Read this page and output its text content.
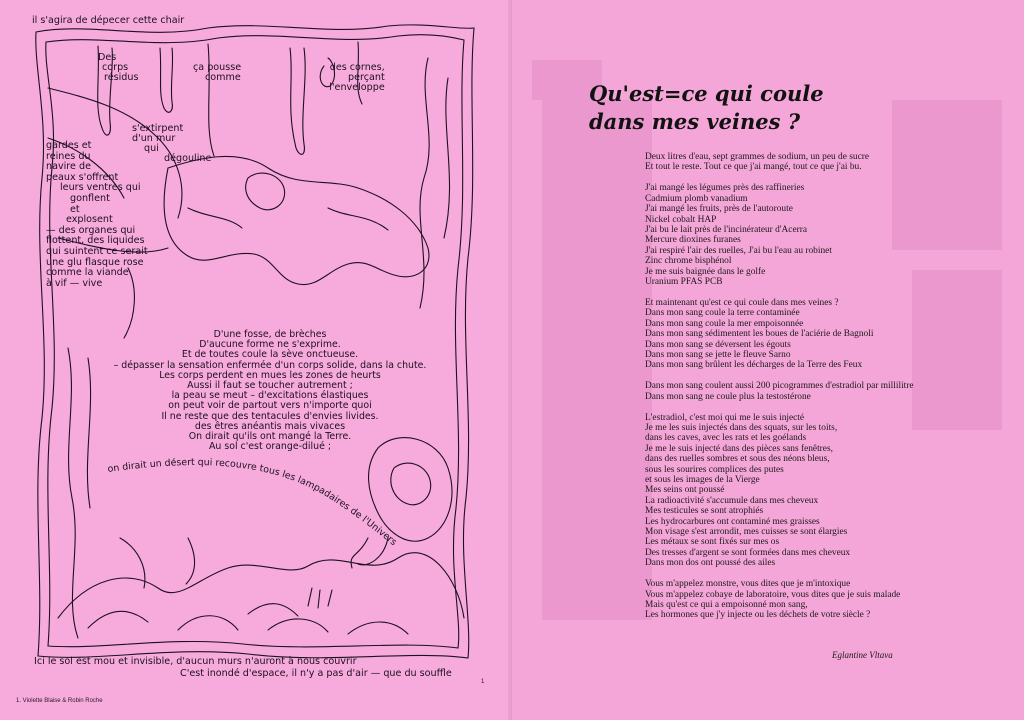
il s'agira de dépecer cette chair
Des
corps
résidus
ça pousse
comme
des cornes,
perçant
l'enveloppe
s'extirpent
d'un mur
qui
dégouline
gardes et
reines du
navire de
peaux s'offrent
leurs ventres qui
gonflent
et
explosent
— des organes qui
flottent, des liquides
qui suintent ce serait
une glu flasque rose
comme la viande
à vif — vive
D'une fosse, de brèches
D'aucune forme ne s'exprime.
Et de toutes coule la sève onctueuse.
– dépasser la sensation enfermée d'un corps solide, dans la chute.
Les corps perdent en mues les zones de heurts
Aussi il faut se toucher autrement ;
la peau se meut – d'excitations élastiques
on peut voir de partout vers n'importe quoi
Il ne reste que des tentacules d'envies livides.
des êtres anéantis mais vivaces
On dirait qu'ils ont mangé la Terre.
Au sol c'est orange-dilué ;
on dirait un désert qui recouvre tous les lampadaires de l'Univers
Ici le sol est mou et invisible, d'aucun murs n'auront à nous couvrir
C'est inondé d'espace, il n'y a pas d'air — que du souffle
1
1. Violette Blaise & Robin Roche
Qu'est=ce qui coule
dans mes veines ?
Deux litres d'eau, sept grammes de sodium, un peu de sucre
Et tout le reste. Tout ce que j'ai mangé, tout ce que j'ai bu.
J'ai mangé les légumes près des raffineries
Cadmium plomb vanadium
J'ai mangé les fruits, près de l'autoroute
Nickel cobalt HAP
J'ai bu le lait près de l'incinérateur d'Acerra
Mercure dioxines furanes
J'ai respiré l'air des ruelles, J'ai bu l'eau au robinet
Zinc chrome bisphénol
Je me suis baignée dans le golfe
Uranium PFAS PCB
Et maintenant qu'est ce qui coule dans mes veines ?
Dans mon sang coule la terre contaminée
Dans mon sang coule la mer empoisonnée
Dans mon sang sédimentent les boues de l'aciérie de Bagnoli
Dans mon sang se déversent les égouts
Dans mon sang se jette le fleuve Sarno
Dans mon sang brûlent les décharges de la Terre des Feux
Dans mon sang coulent aussi 200 picogrammes d'estradiol par millilitre
Dans mon sang ne coule plus la testostérone
L'estradiol, c'est moi qui me le suis injecté
Je me les suis injectés dans des squats, sur les toits,
dans les caves, avec les rats et les goélands
Je me le suis injecté dans des pièces sans fenêtres,
dans des ruelles sombres et sous des néons bleus,
sous les sourires complices des putes
et sous les images de la Vierge
Mes seins ont poussé
La radioactivité s'accumule dans mes cheveux
Mes testicules se sont atrophiés
Les hydrocarbures ont contaminé mes graisses
Mon visage s'est arrondit, mes cuisses se sont élargies
Les métaux se sont fixés sur mes os
Des tresses d'argent se sont formées dans mes cheveux
Dans mon dos ont poussé des ailes
Vous m'appelez monstre, vous dites que je m'intoxique
Vous m'appelez cobaye de laboratoire, vous dites que je suis malade
Mais qu'est ce qui a empoisonné mon sang,
Les hormones que j'y injecte ou les déchets de votre siècle ?
Eglantine Vltava
